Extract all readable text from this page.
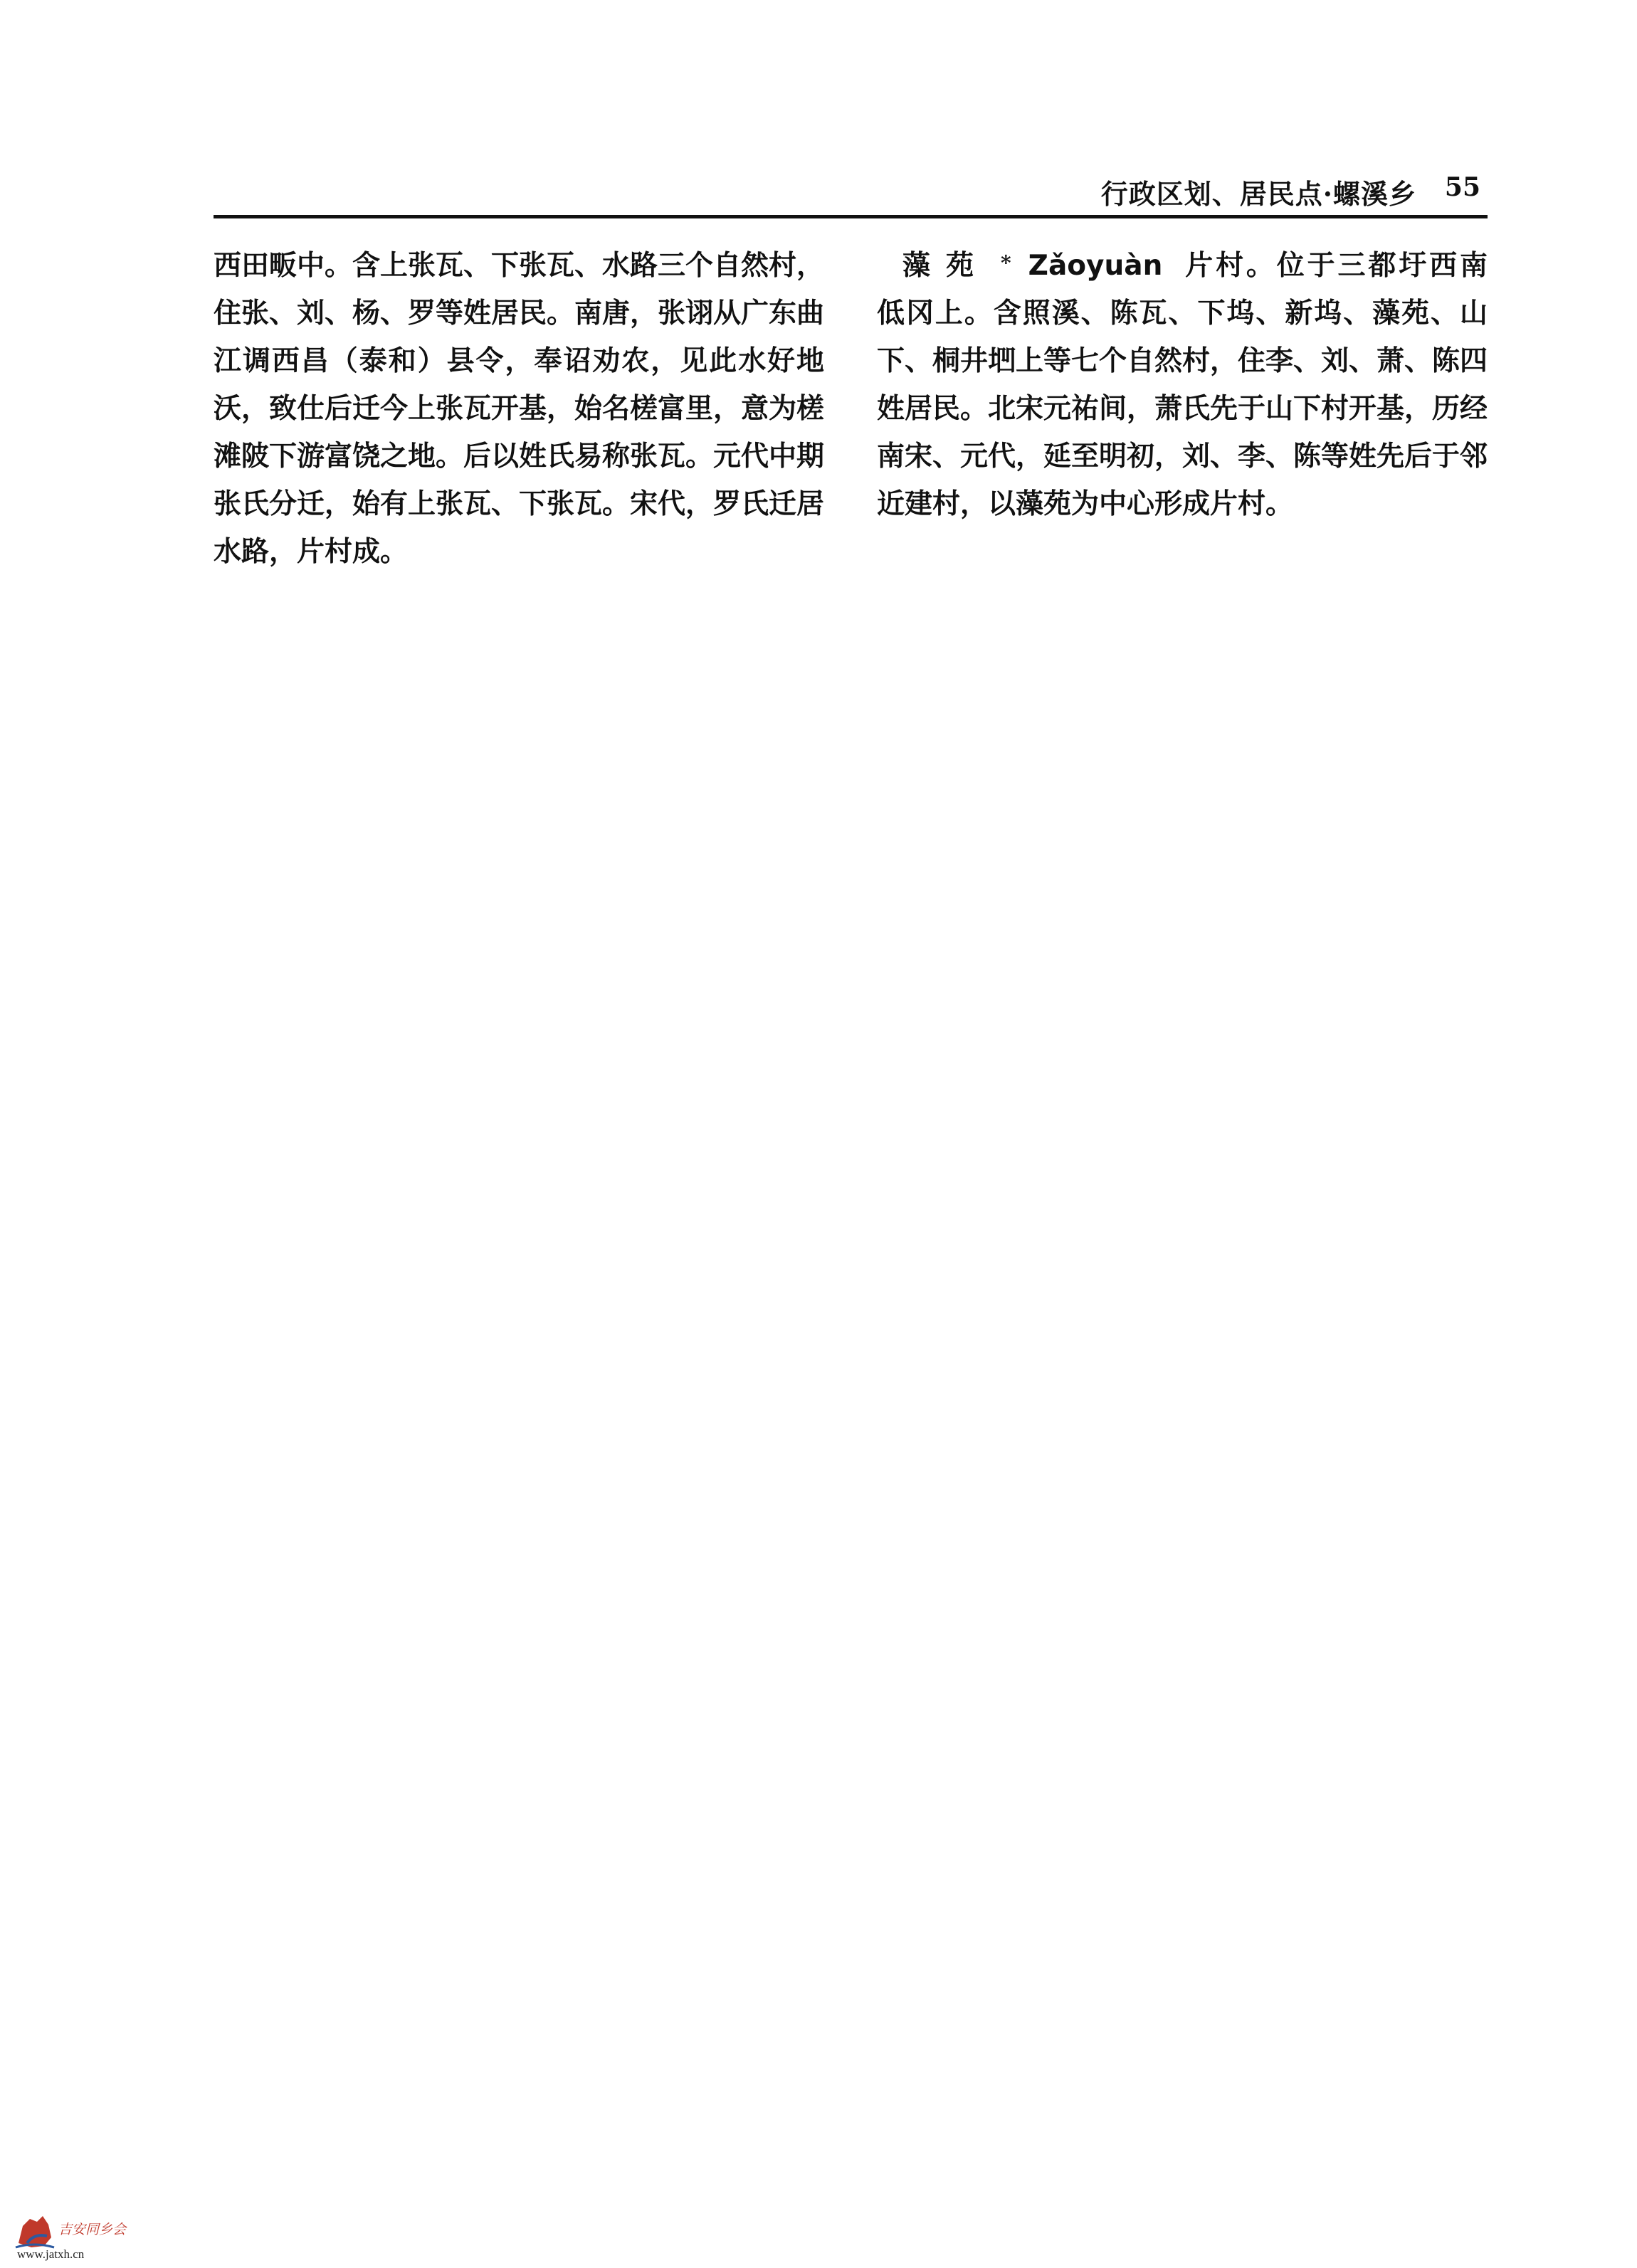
行政区划、居民点·螺溪乡 55
西田畈中。含上张瓦、下张瓦、水路三个自然村，住张、刘、杨、罗等姓居民。南唐，张诩从广东曲江调西昌（泰和）县令，奉诏劝农，见此水好地沃，致仕后迁今上张瓦开基，始名槎富里，意为槎滩陂下游富饶之地。后以姓氏易称张瓦。元代中期张氏分迁，始有上张瓦、下张瓦。宋代，罗氏迁居水路，片村成。
藻苑 * Zǎoyuàn 片村。位于三都圩西南低冈上。含照溪、陈瓦、下坞、新坞、藻苑、山下、桐井垇上等七个自然村，住李、刘、萧、陈四姓居民。北宋元祐间，萧氏先于山下村开基，历经南宋、元代，延至明初，刘、李、陈等姓先后于邻近建村，以藻苑为中心形成片村。
吉安同乡会
www.jatxh.cn
